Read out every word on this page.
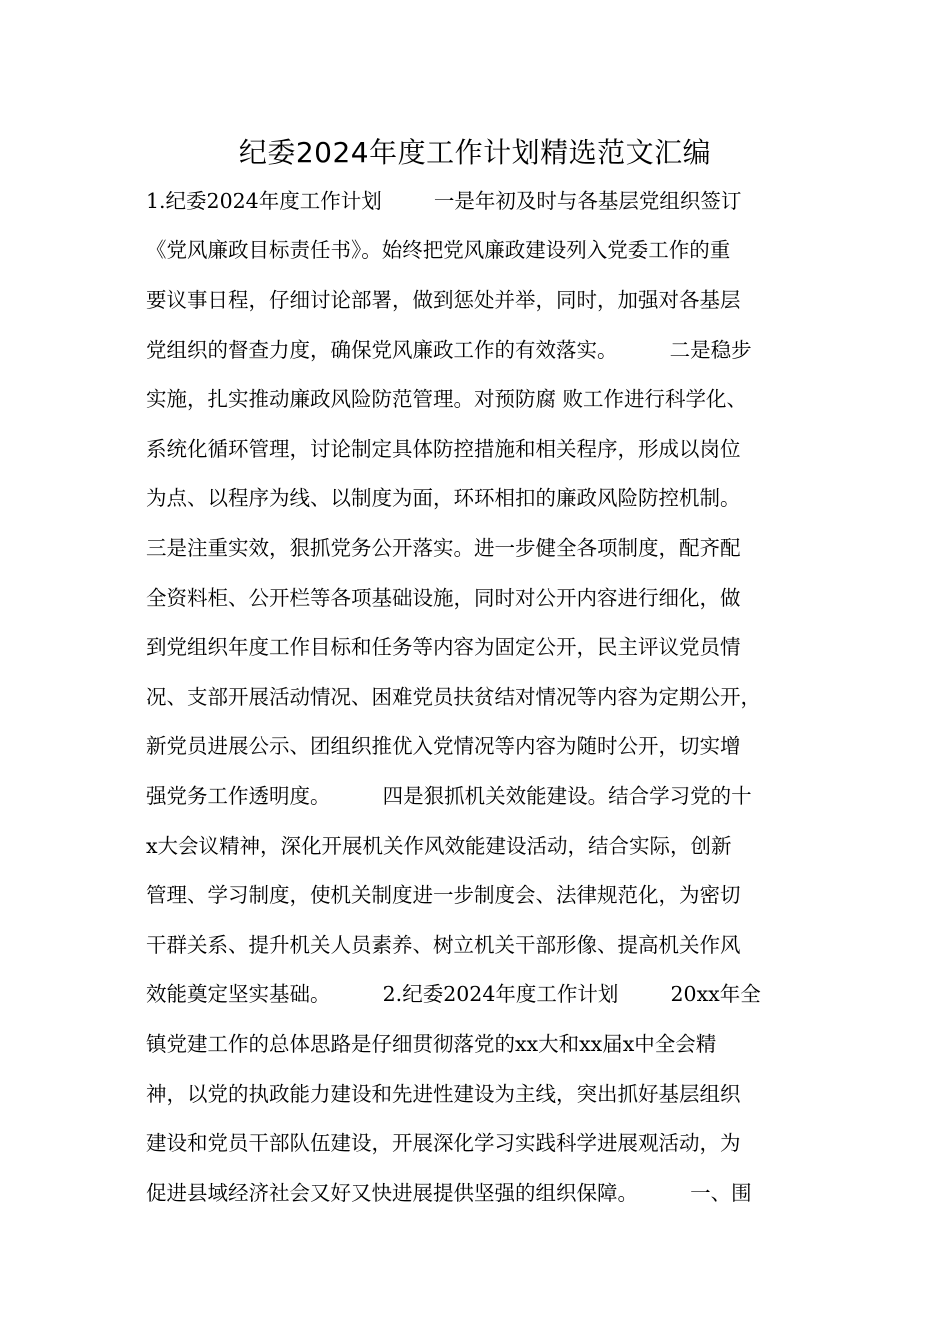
纪委2024年度工作计划精选范文汇编
1.纪委2024年度工作计划        一是年初及时与各基层党组织签订
《党风廉政目标责任书》。始终把党风廉政建设列入党委工作的重
要议事日程，仔细讨论部署，做到惩处并举，同时，加强对各基层
党组织的督查力度，确保党风廉政工作的有效落实。        二是稳步
实施，扎实推动廉政风险防范管理。对预防腐 败工作进行科学化、
系统化循环管理，讨论制定具体防控措施和相关程序，形成以岗位
为点、以程序为线、以制度为面，环环相扣的廉政风险防控机制。
三是注重实效，狠抓党务公开落实。进一步健全各项制度，配齐配
全资料柜、公开栏等各项基础设施，同时对公开内容进行细化，做
到党组织年度工作目标和任务等内容为固定公开，民主评议党员情
况、支部开展活动情况、困难党员扶贫结对情况等内容为定期公开，
新党员进展公示、团组织推优入党情况等内容为随时公开，切实增
强党务工作透明度。        四是狠抓机关效能建设。结合学习党的十
x大会议精神，深化开展机关作风效能建设活动，结合实际，创新
管理、学习制度，使机关制度进一步制度会、法律规范化，为密切
干群关系、提升机关人员素养、树立机关干部形像、提高机关作风
效能奠定坚实基础。        2.纪委2024年度工作计划        20xx年全
镇党建工作的总体思路是仔细贯彻落党的xx大和xx届x中全会精
神，以党的执政能力建设和先进性建设为主线，突出抓好基层组织
建设和党员干部队伍建设，开展深化学习实践科学进展观活动，为
促进县域经济社会又好又快进展提供坚强的组织保障。        一、围
